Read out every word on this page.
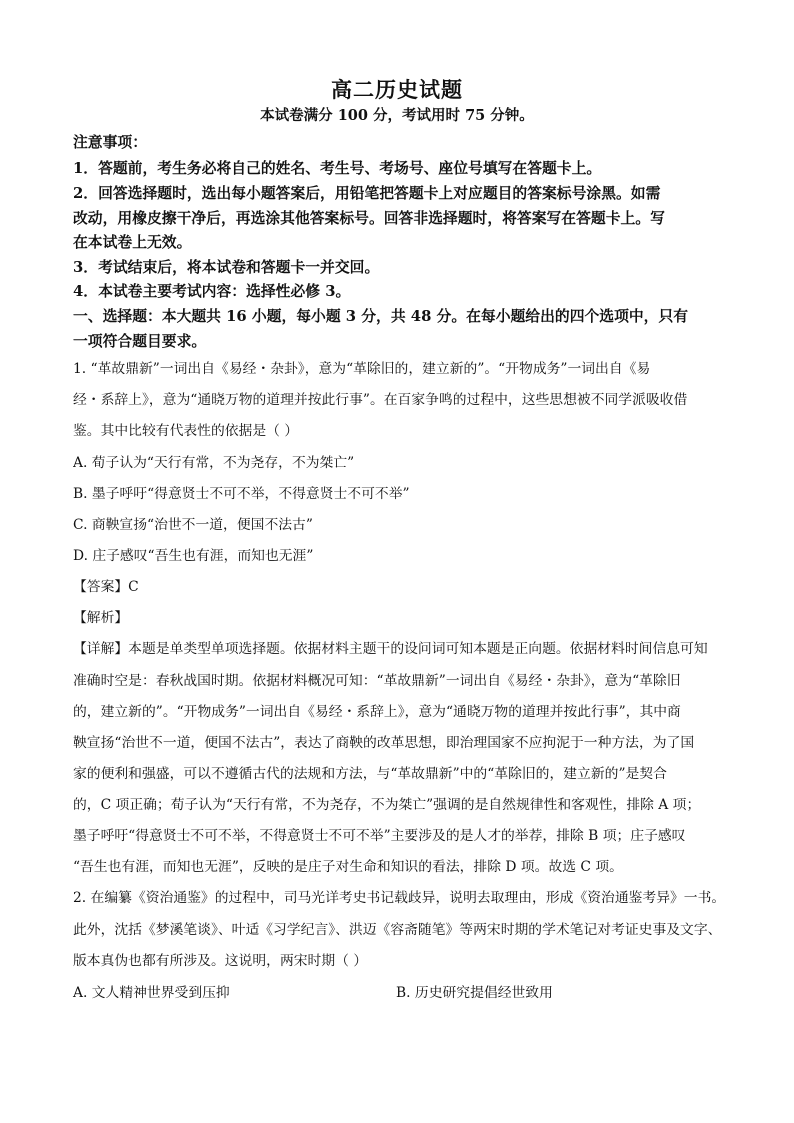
高二历史试题
本试卷满分 100 分，考试用时 75 分钟。
注意事项：
1．答题前，考生务必将自己的姓名、考生号、考场号、座位号填写在答题卡上。
2．回答选择题时，选出每小题答案后，用铅笔把答题卡上对应题目的答案标号涂黑。如需
改动，用橡皮擦干净后，再选涂其他答案标号。回答非选择题时，将答案写在答题卡上。写
在本试卷上无效。
3．考试结束后，将本试卷和答题卡一并交回。
4．本试卷主要考试内容：选择性必修 3。
一、选择题：本大题共 16 小题，每小题 3 分，共 48 分。在每小题给出的四个选项中，只有
一项符合题目要求。
1. “革故鼎新”一词出自《易经・杂卦》，意为“革除旧的，建立新的”。“开物成务”一词出自《易
经・系辞上》，意为“通晓万物的道理并按此行事”。在百家争鸣的过程中，这些思想被不同学派吸收借
鉴。其中比较有代表性的依据是（ ）
A. 荀子认为“天行有常，不为尧存，不为桀亡”
B. 墨子呼吁“得意贤士不可不举，不得意贤士不可不举”
C. 商鞅宣扬“治世不一道，便国不法古”
D. 庄子感叹“吾生也有涯，而知也无涯”
【答案】C
【解析】
【详解】本题是单类型单项选择题。依据材料主题干的设问词可知本题是正向题。依据材料时间信息可知
准确时空是：春秋战国时期。依据材料概况可知：“革故鼎新”一词出自《易经・杂卦》，意为“革除旧
的，建立新的”。“开物成务”一词出自《易经・系辞上》，意为“通晓万物的道理并按此行事”，其中商
鞅宣扬“治世不一道，便国不法古”，表达了商鞅的改革思想，即治理国家不应拘泥于一种方法，为了国
家的便利和强盛，可以不遵循古代的法规和方法，与“革故鼎新”中的“革除旧的，建立新的”是契合
的，C 项正确；荀子认为“天行有常，不为尧存，不为桀亡”强调的是自然规律性和客观性，排除 A 项；
墨子呼吁“得意贤士不可不举，不得意贤士不可不举”主要涉及的是人才的举荐，排除 B 项；庄子感叹
“吾生也有涯，而知也无涯”，反映的是庄子对生命和知识的看法，排除 D 项。故选 C 项。
2. 在编纂《资治通鉴》的过程中，司马光详考史书记载歧异，说明去取理由，形成《资治通鉴考异》一书。
此外，沈括《梦溪笔谈》、叶适《习学纪言》、洪迈《容斋随笔》等两宋时期的学术笔记对考证史事及文字、
版本真伪也都有所涉及。这说明，两宋时期（ ）
A. 文人精神世界受到压抑	B. 历史研究提倡经世致用
